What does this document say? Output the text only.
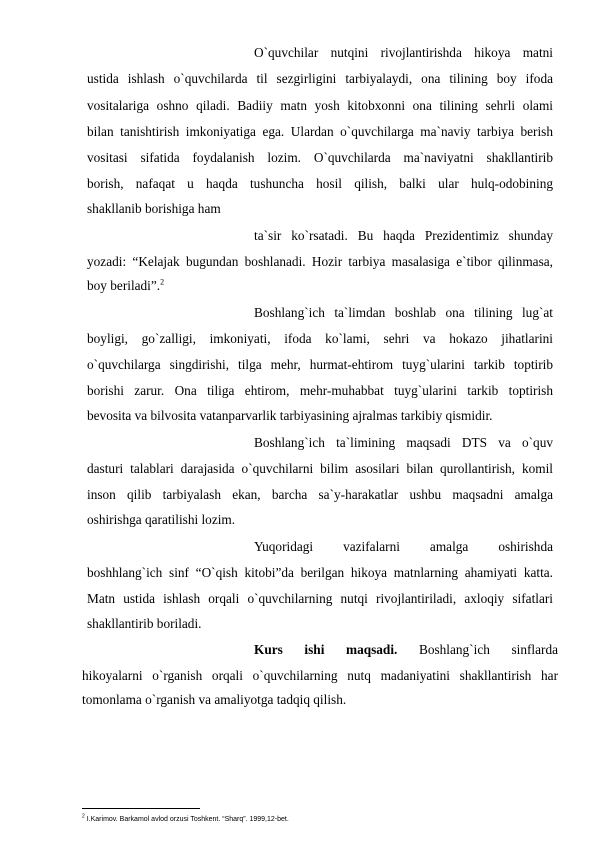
O`quvchilar nutqini rivojlantirishda hikoya matni
ustida ishlash o`quvchilarda til sezgirligini tarbiyalaydi, ona tilining boy ifoda
vositalariga oshno qiladi. Badiiy matn yosh kitobxonni ona tilining sehrli olami
bilan tanishtirish imkoniyatiga ega. Ulardan o`quvchilarga ma`naviy tarbiya berish
vositasi sifatida foydalanish lozim. O`quvchilarda ma`naviyatni shakllantirib
borish, nafaqat u haqda tushuncha hosil qilish, balki ular hulq-odobining
shakllanib borishiga ham
ta`sir ko`rsatadi. Bu haqda Prezidentimiz shunday
yozadi: “Kelajak bugundan boshlanadi. Hozir tarbiya masalasiga e`tibor qilinmasa,
boy beriladi”.$^2$
Boshlang`ich ta`limdan boshlab ona tilining lug`at
boyligi, go`zalligi, imkoniyati, ifoda ko`lami, sehri va hokazo jihatlarini
o`quvchilarga singdirishi, tilga mehr, hurmat-ehtirom tuyg`ularini tarkib toptirib
borishi zarur. Ona tiliga ehtirom, mehr-muhabbat tuyg`ularini tarkib toptirish
bevosita va bilvosita vatanparvarlik tarbiyasining ajralmas tarkibiy qismidir.
Boshlang`ich ta`limining maqsadi DTS va o`quv
dasturi talablari darajasida o`quvchilarni bilim asosilari bilan qurollantirish, komil
inson qilib tarbiyalash ekan, barcha sa`y-harakatlar ushbu maqsadni amalga
oshirishga qaratilishi lozim.
Yuqoridagi vazifalarni amalga oshirishda
boshhlang`ich sinf “O`qish kitobi”da berilgan hikoya matnlarning ahamiyati katta.
Matn ustida ishlash orqali o`quvchilarning nutqi rivojlantiriladi, axloqiy sifatlari
shakllantirib boriladi.
Kurs ishi maqsadi. Boshlang`ich sinflarda
hikoyalarni o`rganish orqali o`quvchilarning nutq madaniyatini shakllantirish har
tomonlama o`rganish va amaliyotga tadqiq qilish.
$^2$ I.Karimov. Barkamol avlod orzusi Toshkent. “Sharq”. 1999,12-bet.
